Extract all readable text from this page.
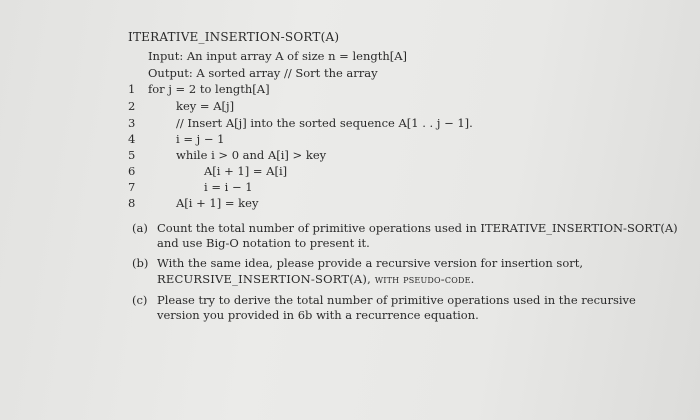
ITERATIVE_INSERTION-SORT(A)
Input: An input array A of size n = length[A]
Output: A sorted array // Sort the array
1	for j = 2 to length[A]
2	key = A[j]
3	// Insert A[j] into the sorted sequence A[1 . . j − 1].
4	i = j − 1
5	while i > 0 and A[i] > key
6	A[i + 1] = A[i]
7	i = i − 1
8	A[i + 1] = key
(a) Count the total number of primitive operations used in ITERATIVE_INSERTION-SORT(A)
and use Big-O notation to present it.
(b) With the same idea, please provide a recursive version for insertion sort,
RECURSIVE_INSERTION-SORT(A), with pseudo-code.
(c) Please try to derive the total number of primitive operations used in the recursive
version you provided in 6b with a recurrence equation.
